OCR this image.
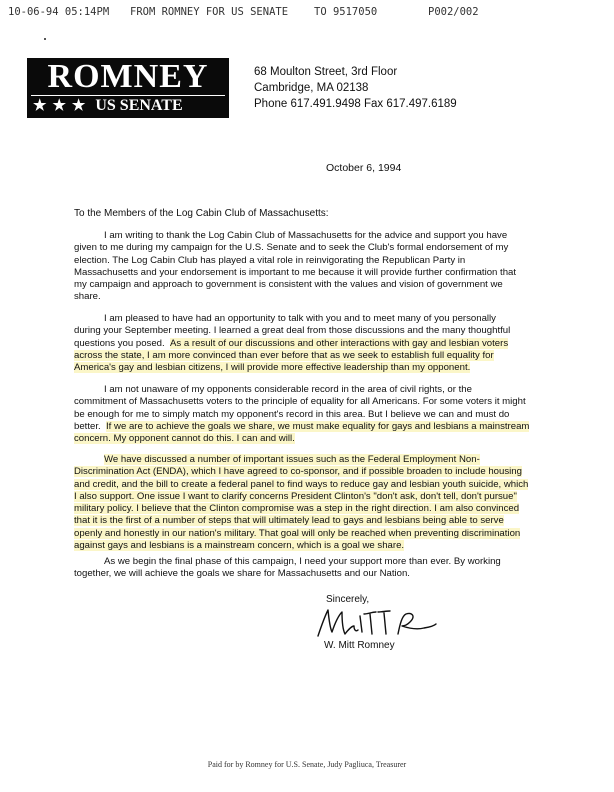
10-06-94 05:14PM FROM ROMNEY FOR US SENATE TO 9517050	P002/002
ROMNEY
★★★ US SENATE
68 Moulton Street, 3rd Floor
Cambridge, MA 02138
Phone 617.491.9498 Fax 617.497.6189
October 6, 1994
To the Members of the Log Cabin Club of Massachusetts:
I am writing to thank the Log Cabin Club of Massachusetts for the advice and support you have
given to me during my campaign for the U.S. Senate and to seek the Club's formal endorsement of my
election. The Log Cabin Club has played a vital role in reinvigorating the Republican Party in
Massachusetts and your endorsement is important to me because it will provide further confirmation that
my campaign and approach to government is consistent with the values and vision of government we
share.
I am pleased to have had an opportunity to talk with you and to meet many of you personally
during your September meeting. I learned a great deal from those discussions and the many thoughtful
questions you posed. As a result of our discussions and other interactions with gay and lesbian voters
across the state, I am more convinced than ever before that as we seek to establish full equality for
America's gay and lesbian citizens, I will provide more effective leadership than my opponent.
I am not unaware of my opponents considerable record in the area of civil rights, or the
commitment of Massachusetts voters to the principle of equality for all Americans. For some voters it might
be enough for me to simply match my opponent's record in this area. But I believe we can and must do
better. If we are to achieve the goals we share, we must make equality for gays and lesbians a mainstream
concern. My opponent cannot do this. I can and will.
We have discussed a number of important issues such as the Federal Employment Non-
Discrimination Act (ENDA), which I have agreed to co-sponsor, and if possible broaden to include housing
and credit, and the bill to create a federal panel to find ways to reduce gay and lesbian youth suicide, which
I also support. One issue I want to clarify concerns President Clinton's "don't ask, don't tell, don't pursue"
military policy. I believe that the Clinton compromise was a step in the right direction. I am also convinced
that it is the first of a number of steps that will ultimately lead to gays and lesbians being able to serve
openly and honestly in our nation's military. That goal will only be reached when preventing discrimination
against gays and lesbians is a mainstream concern, which is a goal we share.
As we begin the final phase of this campaign, I need your support more than ever. By working
together, we will achieve the goals we share for Massachusetts and our Nation.
Sincerely,
W. Mitt Romney
Paid for by Romney for U.S. Senate, Judy Pagliuca, Treasurer
